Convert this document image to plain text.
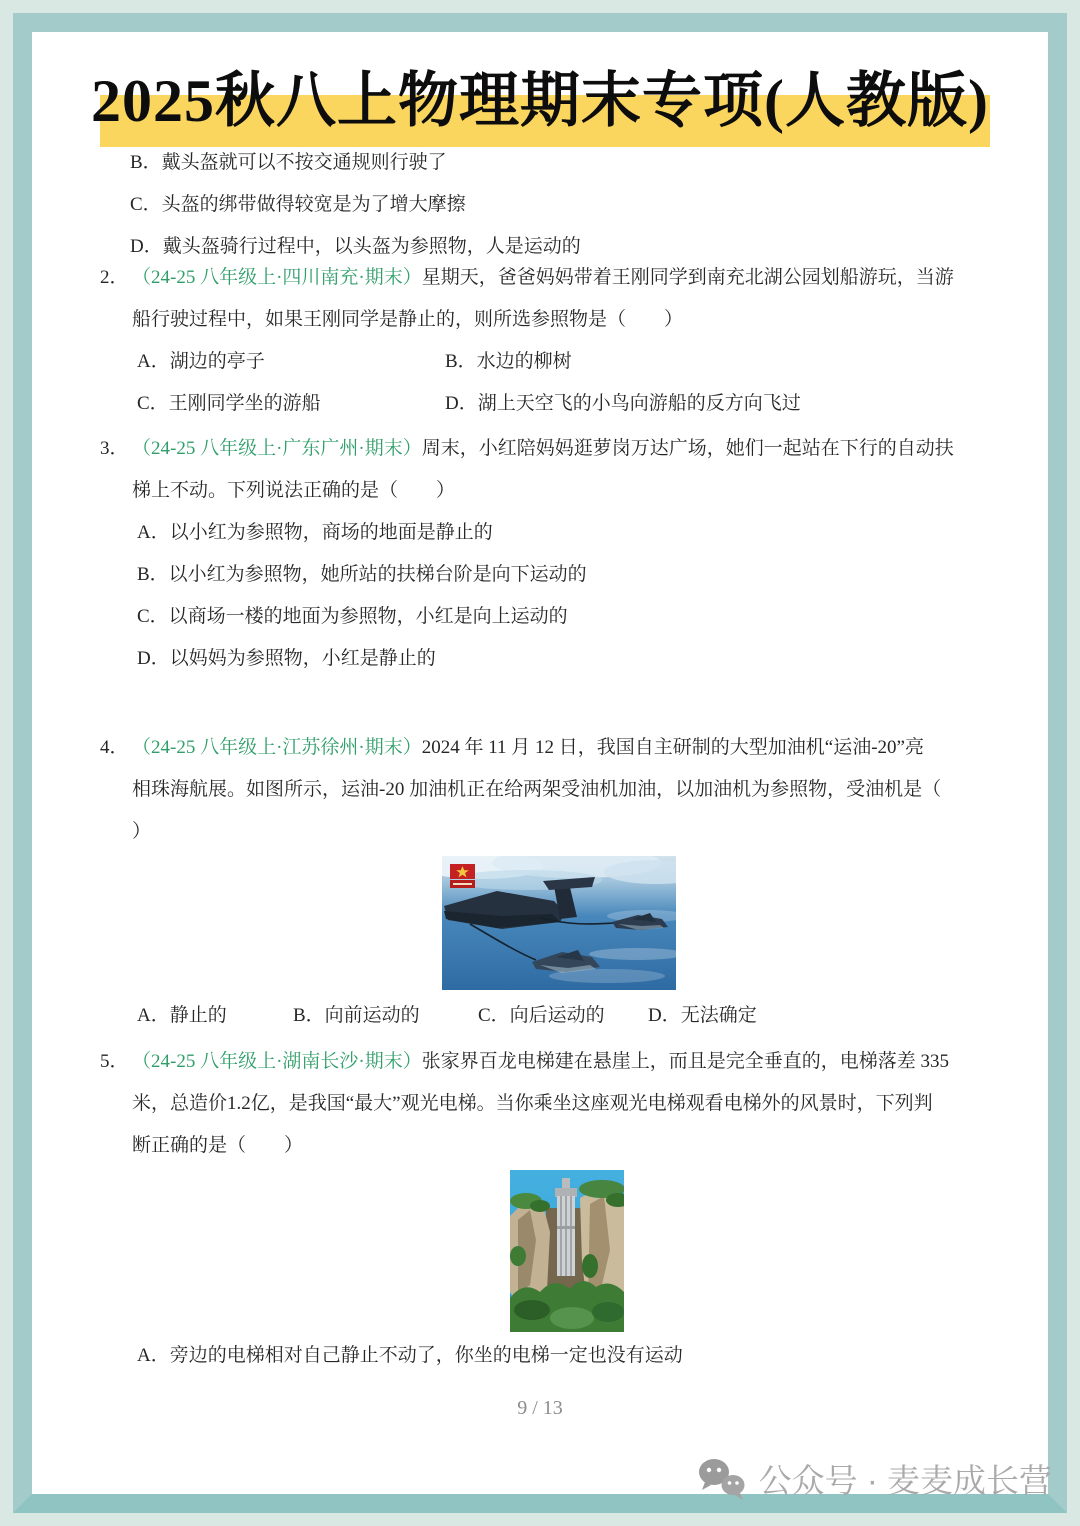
2025秋八上物理期末专项(人教版)
B．戴头盔就可以不按交通规则行驶了
C．头盔的绑带做得较宽是为了增大摩擦
D．戴头盔骑行过程中，以头盔为参照物，人是运动的
2． （24-25 八年级上·四川南充·期末）星期天，爸爸妈妈带着王刚同学到南充北湖公园划船游玩，当游
船行驶过程中，如果王刚同学是静止的，则所选参照物是（　　）
A．湖边的亭子	B．水边的柳树
C．王刚同学坐的游船	D．湖上天空飞的小鸟向游船的反方向飞过
3． （24-25 八年级上·广东广州·期末）周末，小红陪妈妈逛萝岗万达广场，她们一起站在下行的自动扶
梯上不动。下列说法正确的是（　　）
A．以小红为参照物，商场的地面是静止的
B．以小红为参照物，她所站的扶梯台阶是向下运动的
C．以商场一楼的地面为参照物，小红是向上运动的
D．以妈妈为参照物，小红是静止的
4． （24-25 八年级上·江苏徐州·期末）2024 年 11 月 12 日，我国自主研制的大型加油机“运油-20”亮
相珠海航展。如图所示，运油-20 加油机正在给两架受油机加油，以加油机为参照物，受油机是（
）
A．静止的	B．向前运动的	C．向后运动的 D．无法确定
5． （24-25 八年级上·湖南长沙·期末）张家界百龙电梯建在悬崖上，而且是完全垂直的，电梯落差 335
米，总造价1.2亿，是我国“最大”观光电梯。当你乘坐这座观光电梯观看电梯外的风景时，下列判
断正确的是（　　）
A．旁边的电梯相对自己静止不动了，你坐的电梯一定也没有运动
9 / 13
公众号 · 麦麦成长营
